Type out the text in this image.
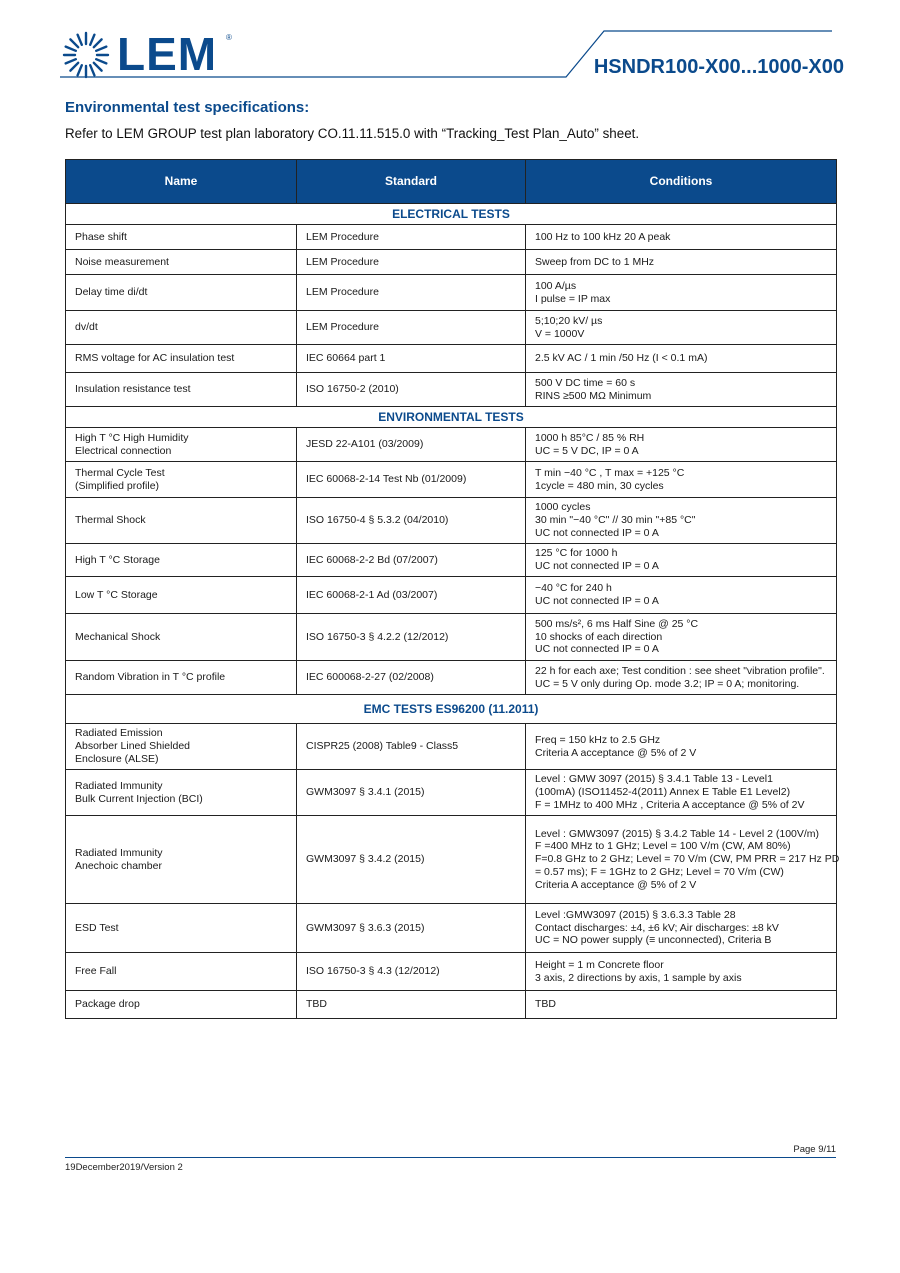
LEM ®
HSNDR100-X00...1000-X00
Environmental test specifications:
Refer to LEM GROUP test plan laboratory CO.11.11.515.0 with “Tracking_Test Plan_Auto” sheet.
Name	Standard	Conditions
ELECTRICAL TESTS		

Phase shift	LEM Procedure	100 Hz to 100 kHz 20 A peak

Noise measurement	LEM Procedure	Sweep from DC to 1 MHz

Delay time di/dt	LEM Procedure	100 A/µs
I pulse = IP max

dv/dt	LEM Procedure	5;10;20 kV/ µs
V = 1000V

RMS voltage for AC insulation test	IEC 60664 part 1	2.5 kV AC / 1 min /50 Hz (I < 0.1 mA)

Insulation resistance test	ISO 16750-2 (2010)	500 V DC time = 60 s
RINS ≥500 MΩ Minimum

ENVIRONMENTAL TESTS		

High T °C High Humidity
Electrical connection	JESD 22-A101 (03/2009)	1000 h 85°C / 85 % RH
UC = 5 V DC, IP = 0 A

Thermal Cycle Test
(Simplified profile)	IEC 60068-2-14 Test Nb (01/2009)	T min −40 °C , T max = +125 °C
1cycle = 480 min, 30 cycles

Thermal Shock	ISO 16750-4 § 5.3.2 (04/2010)	1000 cycles
30 min "−40 °C" // 30 min "+85 °C"
UC not connected IP = 0 A

High T °C Storage	IEC 60068-2-2 Bd (07/2007)	125 °C for 1000 h
UC not connected IP = 0 A

Low T °C Storage	IEC 60068-2-1 Ad (03/2007)	−40 °C for 240 h
UC not connected IP = 0 A

Mechanical Shock	ISO 16750-3 § 4.2.2 (12/2012)	500 ms/s², 6 ms Half Sine @ 25 °C
10 shocks of each direction
UC not connected IP = 0 A

Random Vibration in T °C profile	IEC 600068-2-27 (02/2008)	22 h for each axe; Test condition : see sheet "vibration profile".
UC = 5 V only during Op. mode 3.2; IP = 0 A; monitoring.

EMC TESTS ES96200 (11.2011)		

Radiated Emission
Absorber Lined Shielded
Enclosure (ALSE)	CISPR25 (2008) Table9 - Class5	Freq = 150 kHz to 2.5 GHz
Criteria A acceptance @ 5% of 2 V

Radiated Immunity
Bulk Current Injection (BCI)	GWM3097 § 3.4.1 (2015)	Level : GMW 3097 (2015) § 3.4.1 Table 13 - Level1
(100mA) (ISO11452-4(2011) Annex E Table E1 Level2)
F = 1MHz to 400 MHz , Criteria A acceptance @ 5% of 2V

Radiated Immunity
Anechoic chamber	GWM3097 § 3.4.2 (2015)	Level : GMW3097 (2015) § 3.4.2 Table 14 - Level 2 (100V/m)
F =400 MHz to 1 GHz; Level = 100 V/m (CW, AM 80%)
F=0.8 GHz to 2 GHz; Level = 70 V/m (CW, PM PRR = 217 Hz PD
= 0.57 ms); F = 1GHz to 2 GHz; Level = 70 V/m (CW)
Criteria A acceptance @ 5% of 2 V

ESD Test	GWM3097 § 3.6.3 (2015)	Level :GMW3097 (2015) § 3.6.3.3 Table 28
Contact discharges: ±4, ±6 kV; Air discharges: ±8 kV
UC = NO power supply (≡ unconnected), Criteria B

Free Fall	ISO 16750-3 § 4.3 (12/2012)	Height = 1 m Concrete floor
3 axis, 2 directions by axis, 1 sample by axis

Package drop	TBD	TBD
Page 9/11
19December2019/Version 2
